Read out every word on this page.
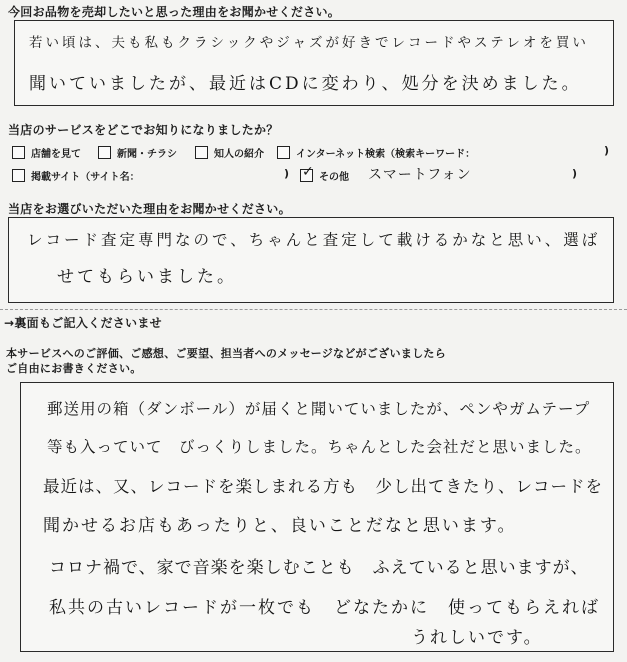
今回お品物を売却したいと思った理由をお聞かせください。
若い頃は、夫も私もクラシックやジャズが好きでレコードやステレオを買い
聞いていましたが、最近はCDに変わり、処分を決めました。
当店のサービスをどこでお知りになりましたか？
店舗を見て	新聞・チラシ	知人の紹介	インターネット検索（検索キーワード：	)
掲載サイト（サイト名：	) ✓ その他 スマートフォン	)
当店をお選びいただいた理由をお聞かせください。
レコード査定専門なので、ちゃんと査定して載けるかなと思い、選ば
せてもらいました。
→裏面もご記入くださいませ
本サービスへのご評価、ご感想、ご要望、担当者へのメッセージなどがございましたら
ご自由にお書きください。
郵送用の箱（ダンボール）が届くと聞いていましたが、ペンやガムテープ
等も入っていて　びっくりしました。ちゃんとした会社だと思いました。
最近は、又、レコードを楽しまれる方も　少し出てきたり、レコードを
聞かせるお店もあったりと、良いことだなと思います。
コロナ禍で、家で音楽を楽しむことも　ふえていると思いますが、
私共の古いレコードが一枚でも　どなたかに　使ってもらえれば
うれしいです。
